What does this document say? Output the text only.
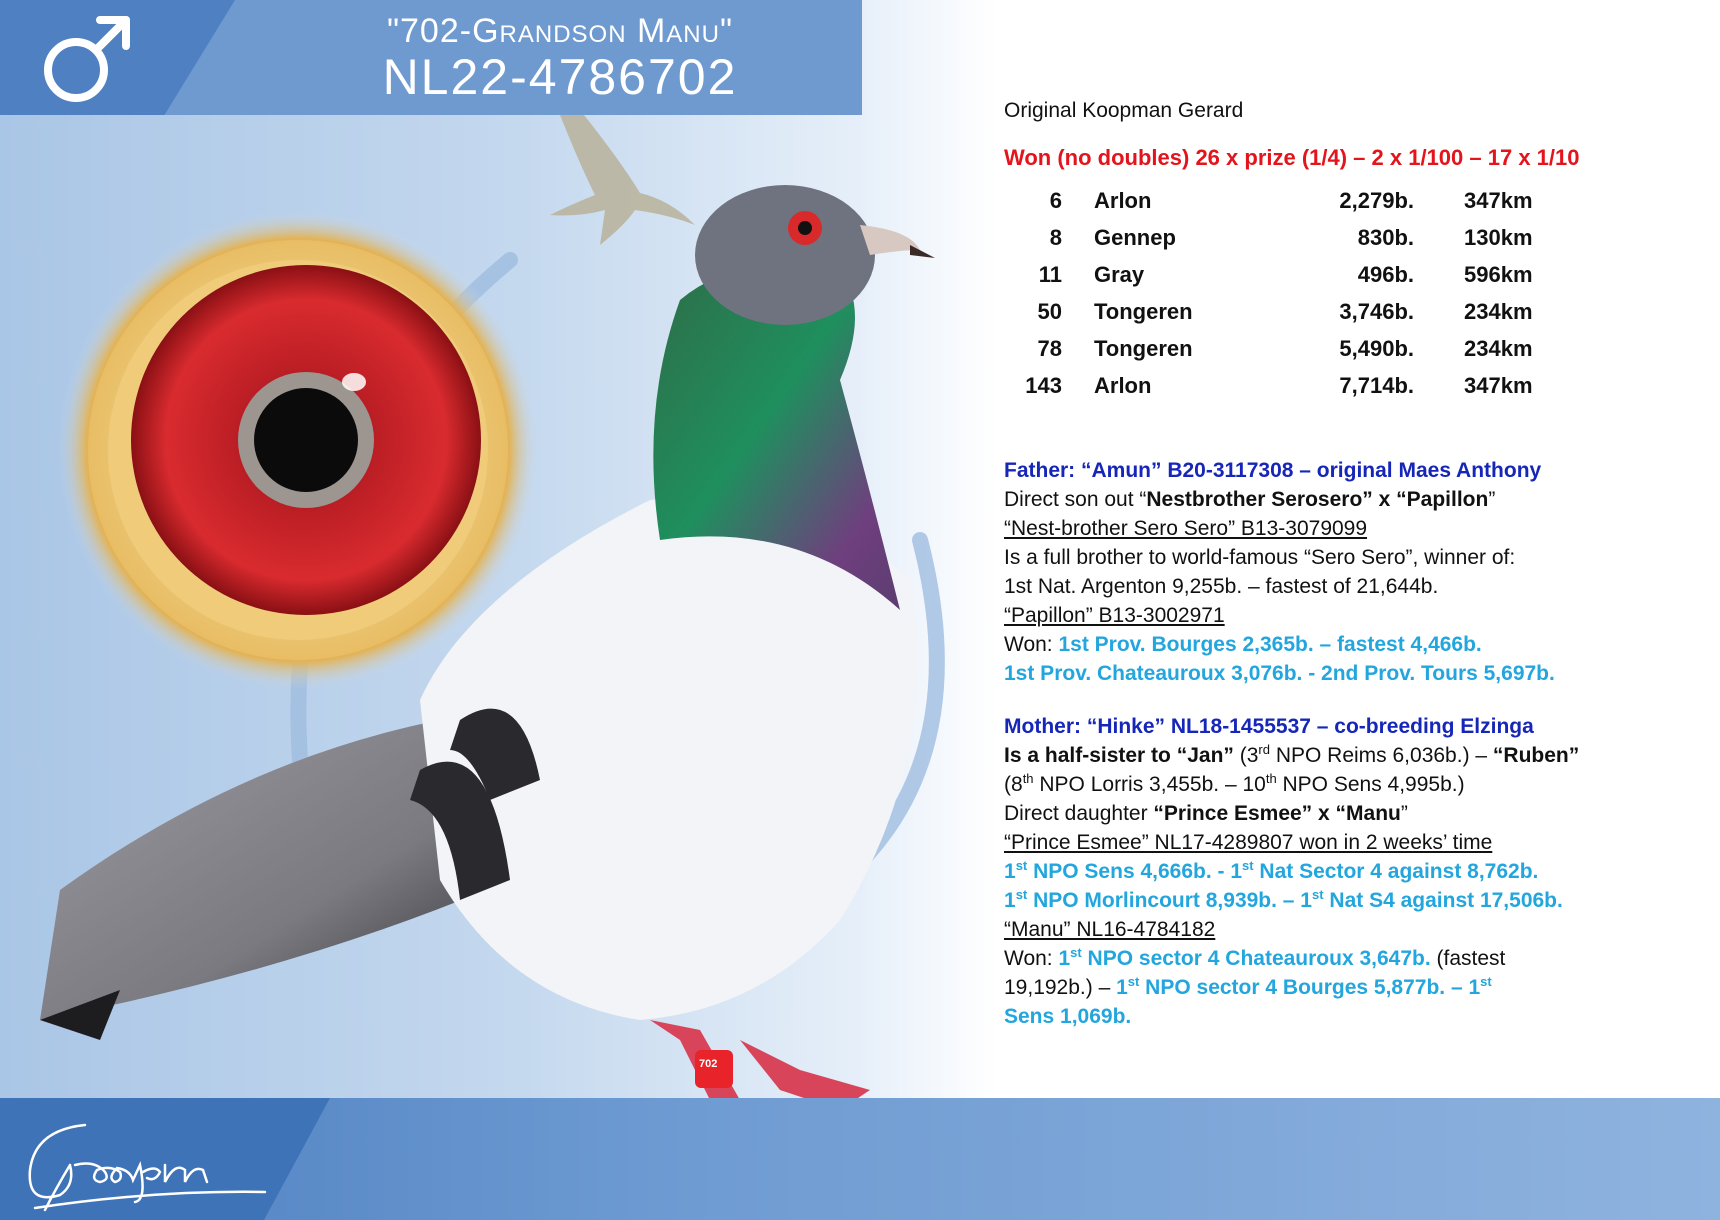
"702-Grandson Manu"
NL22-4786702
702
Original Koopman Gerard
Won (no doubles) 26 x prize (1/4) – 2 x 1/100 – 17 x 1/10
6	Arlon	2,279b.	347km
8	Gennep	830b.	130km
11	Gray	496b.	596km
50	Tongeren	3,746b.	234km
78	Tongeren	5,490b.	234km
143	Arlon	7,714b.	347km
Father: “Amun” B20-3117308 – original Maes Anthony
Direct son out “Nestbrother Serosero” x “Papillon”
“Nest-brother Sero Sero” B13-3079099
Is a full brother to world-famous “Sero Sero”, winner of:
1st Nat. Argenton 9,255b. – fastest of 21,644b.
“Papillon” B13-3002971
Won: 1st Prov. Bourges 2,365b. – fastest 4,466b.
1st Prov. Chateauroux 3,076b. - 2nd Prov. Tours 5,697b.
Mother: “Hinke” NL18-1455537 – co-breeding Elzinga
Is a half-sister to “Jan” (3rd NPO Reims 6,036b.) – “Ruben”
(8th NPO Lorris 3,455b. – 10th NPO Sens 4,995b.)
Direct daughter “Prince Esmee” x “Manu”
“Prince Esmee” NL17-4289807 won in 2 weeks’ time
1st NPO Sens 4,666b. - 1st Nat Sector 4 against 8,762b.
1st NPO Morlincourt 8,939b. – 1st Nat S4 against 17,506b.
“Manu” NL16-4784182
Won: 1st NPO sector 4 Chateauroux 3,647b. (fastest
19,192b.) – 1st NPO sector 4 Bourges 5,877b. – 1st
Sens 1,069b.
